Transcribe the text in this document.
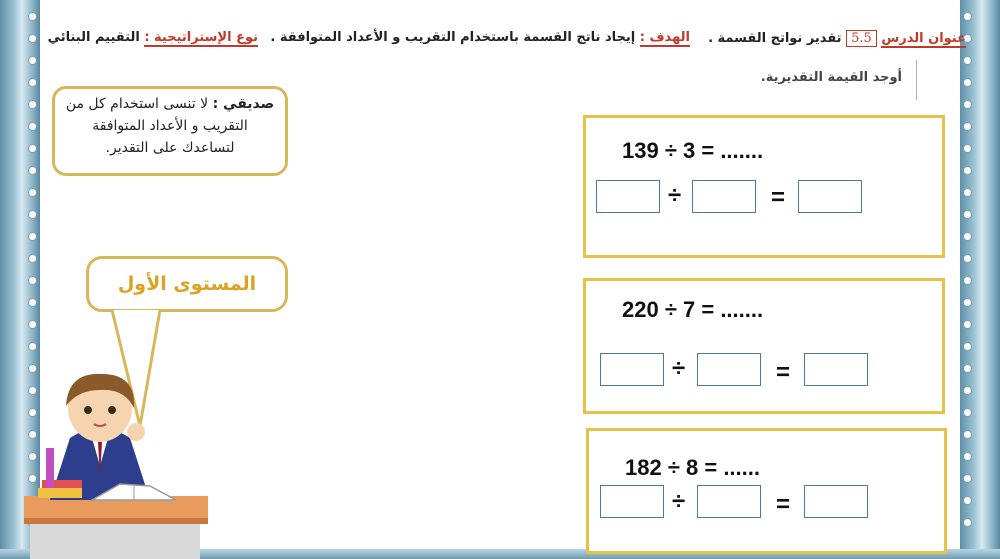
عنوان الدرس 5.5 تقدير نواتج القسمة .
الهدف : إيجاد ناتج القسمة باستخدام التقريب و الأعداد المتوافقة .
نوع الإستراتيجية : التقييم البنائي
أوجد القيمة التقديرية.
صديقي : لا تنسى استخدام كل من
التقريب و الأعداد المتوافقة
لتساعدك على التقدير.
المستوى الأول
139 ÷ 3 = .......
÷	=
220 ÷ 7 = .......
÷	=
182 ÷ 8 = ......
÷	=
